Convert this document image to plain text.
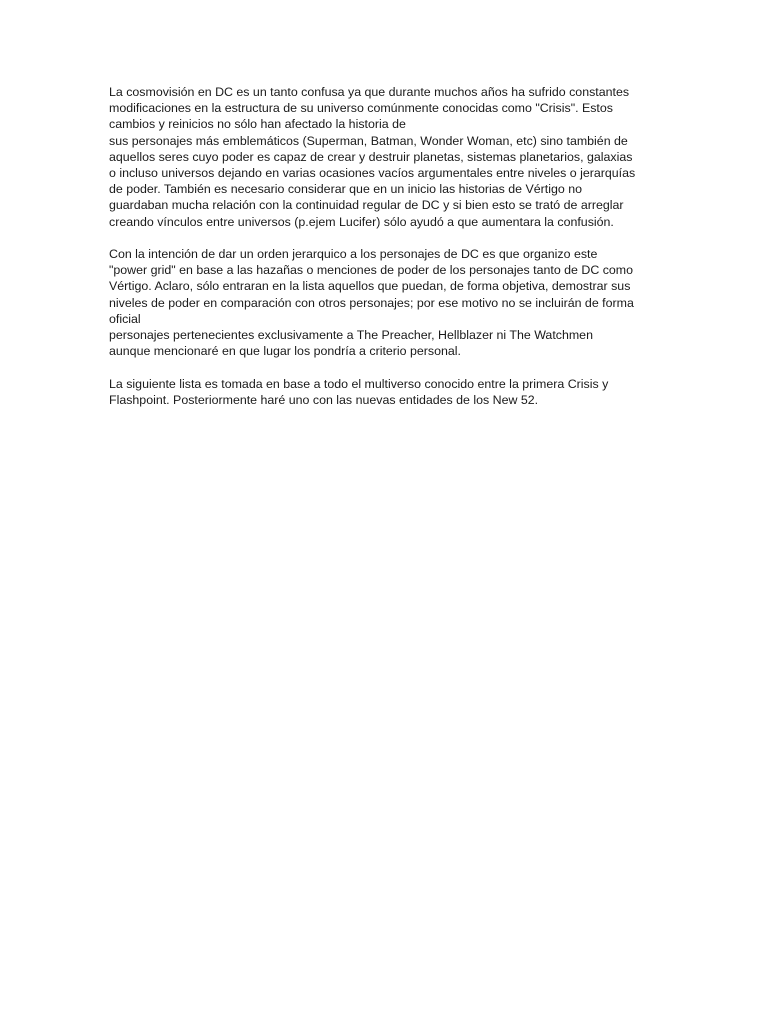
La cosmovisión en DC es un tanto confusa ya que durante muchos años ha sufrido constantes
modificaciones en la estructura de su universo comúnmente conocidas como "Crisis". Estos
cambios y reinicios no sólo han afectado la historia de
sus personajes más emblemáticos (Superman, Batman, Wonder Woman, etc) sino también de
aquellos seres cuyo poder es capaz de crear y destruir planetas, sistemas planetarios, galaxias
o incluso universos dejando en varias ocasiones vacíos argumentales entre niveles o jerarquías
de poder. También es necesario considerar que en un inicio las historias de Vértigo no
guardaban mucha relación con la continuidad regular de DC y si bien esto se trató de arreglar
creando vínculos entre universos (p.ejem Lucifer) sólo ayudó a que aumentara la confusión.

Con la intención de dar un orden jerarquico a los personajes de DC es que organizo este
"power grid" en base a las hazañas o menciones de poder de los personajes tanto de DC como
Vértigo. Aclaro, sólo entraran en la lista aquellos que puedan, de forma objetiva, demostrar sus
niveles de poder en comparación con otros personajes; por ese motivo no se incluirán de forma
oficial
personajes pertenecientes exclusivamente a The Preacher, Hellblazer ni The Watchmen
aunque mencionaré en que lugar los pondría a criterio personal.

La siguiente lista es tomada en base a todo el multiverso conocido entre la primera Crisis y
Flashpoint. Posteriormente haré uno con las nuevas entidades de los New 52.
